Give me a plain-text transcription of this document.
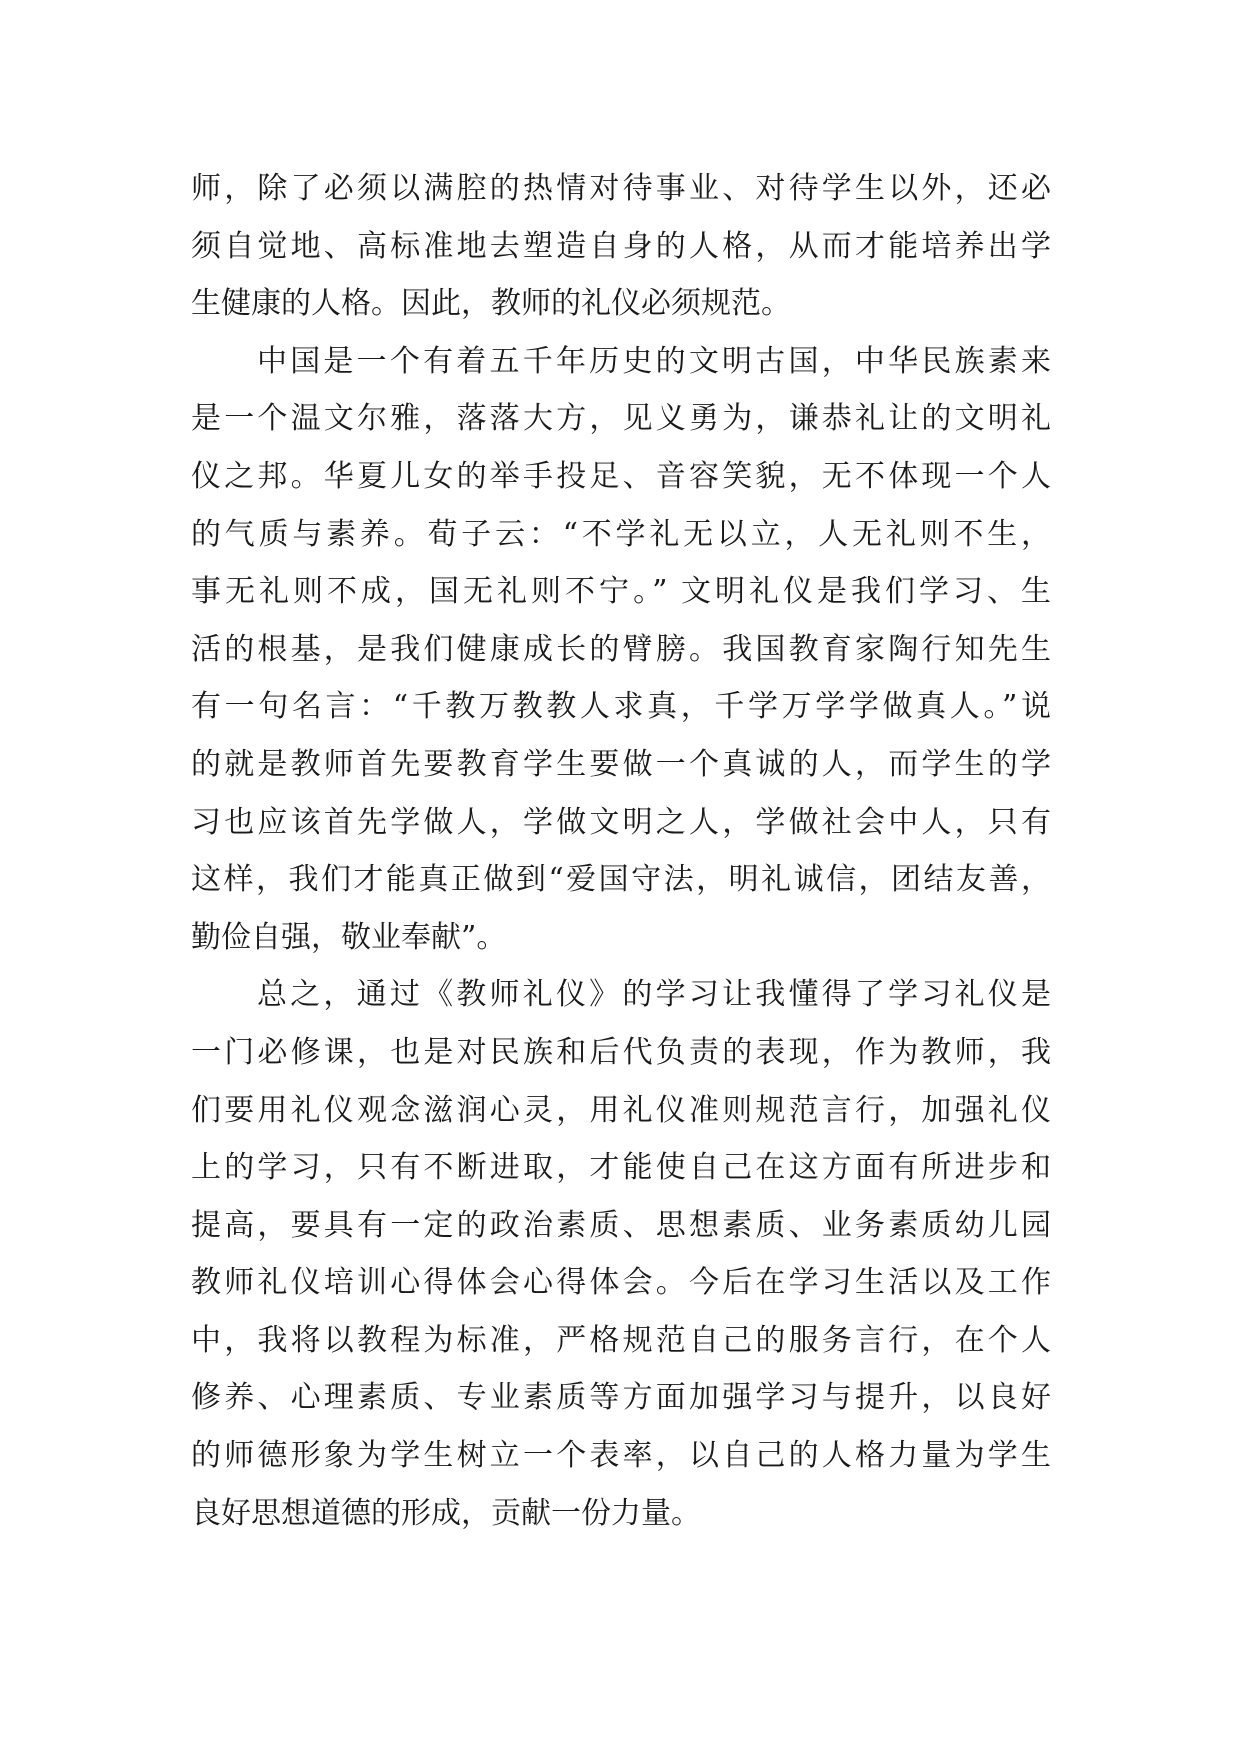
师，除了必须以满腔的热情对待事业、对待学生以外，还必
须自觉地、高标准地去塑造自身的人格，从而才能培养出学
生健康的人格。因此，教师的礼仪必须规范。
中国是一个有着五千年历史的文明古国，中华民族素来
是一个温文尔雅，落落大方，见义勇为，谦恭礼让的文明礼
仪之邦。华夏儿女的举手投足、音容笑貌，无不体现一个人
的气质与素养。荀子云：“不学礼无以立，人无礼则不生，
事无礼则不成，国无礼则不宁。” 文明礼仪是我们学习、生
活的根基，是我们健康成长的臂膀。我国教育家陶行知先生
有一句名言：“千教万教教人求真，千学万学学做真人。”说
的就是教师首先要教育学生要做一个真诚的人，而学生的学
习也应该首先学做人，学做文明之人，学做社会中人，只有
这样，我们才能真正做到“爱国守法，明礼诚信，团结友善，
勤俭自强，敬业奉献”。
总之，通过《教师礼仪》的学习让我懂得了学习礼仪是
一门必修课，也是对民族和后代负责的表现，作为教师，我
们要用礼仪观念滋润心灵，用礼仪准则规范言行，加强礼仪
上的学习，只有不断进取，才能使自己在这方面有所进步和
提高，要具有一定的政治素质、思想素质、业务素质幼儿园
教师礼仪培训心得体会心得体会。今后在学习生活以及工作
中，我将以教程为标准，严格规范自己的服务言行，在个人
修养、心理素质、专业素质等方面加强学习与提升，以良好
的师德形象为学生树立一个表率，以自己的人格力量为学生
良好思想道德的形成，贡献一份力量。
